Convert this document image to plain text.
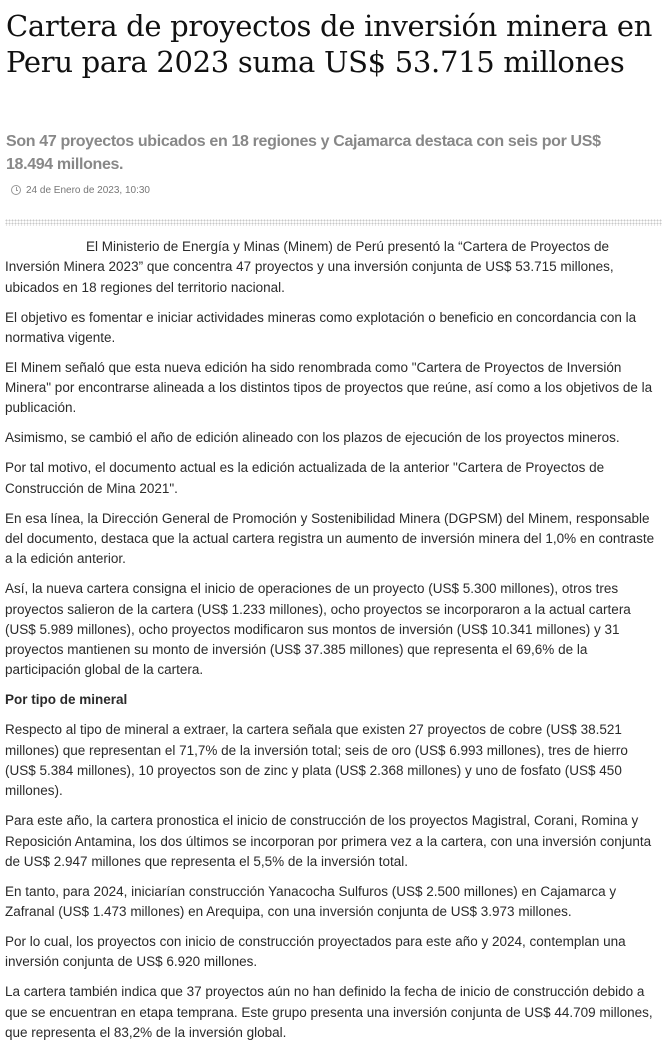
Cartera de proyectos de inversión minera en Peru para 2023 suma US$ 53.715 millones
Son 47 proyectos ubicados en 18 regiones y Cajamarca destaca con seis por US$ 18.494 millones.
24 de Enero de 2023, 10:30

El Ministerio de Energía y Minas (Minem) de Perú presentó la “Cartera de Proyectos de Inversión Minera 2023” que concentra 47 proyectos y una inversión conjunta de US$ 53.715 millones, ubicados en 18 regiones del territorio nacional.

El objetivo es fomentar e iniciar actividades mineras como explotación o beneficio en concordancia con la normativa vigente.

El Minem señaló que esta nueva edición ha sido renombrada como "Cartera de Proyectos de Inversión Minera" por encontrarse alineada a los distintos tipos de proyectos que reúne, así como a los objetivos de la publicación.

Asimismo, se cambió el año de edición alineado con los plazos de ejecución de los proyectos mineros.

Por tal motivo, el documento actual es la edición actualizada de la anterior "Cartera de Proyectos de Construcción de Mina 2021".

En esa línea, la Dirección General de Promoción y Sostenibilidad Minera (DGPSM) del Minem, responsable del documento, destaca que la actual cartera registra un aumento de inversión minera del 1,0% en contraste a la edición anterior.

Así, la nueva cartera consigna el inicio de operaciones de un proyecto (US$ 5.300 millones), otros tres proyectos salieron de la cartera (US$ 1.233 millones), ocho proyectos se incorporaron a la actual cartera (US$ 5.989 millones), ocho proyectos modificaron sus montos de inversión (US$ 10.341 millones) y 31 proyectos mantienen su monto de inversión (US$ 37.385 millones) que representa el 69,6% de la participación global de la cartera.

Por tipo de mineral

Respecto al tipo de mineral a extraer, la cartera señala que existen 27 proyectos de cobre (US$ 38.521 millones) que representan el 71,7% de la inversión total; seis de oro (US$ 6.993 millones), tres de hierro (US$ 5.384 millones), 10 proyectos son de zinc y plata (US$ 2.368 millones) y uno de fosfato (US$ 450 millones).

Para este año, la cartera pronostica el inicio de construcción de los proyectos Magistral, Corani, Romina y Reposición Antamina, los dos últimos se incorporan por primera vez a la cartera, con una inversión conjunta de US$ 2.947 millones que representa el 5,5% de la inversión total.

En tanto, para 2024, iniciarían construcción Yanacocha Sulfuros (US$ 2.500 millones) en Cajamarca y Zafranal (US$ 1.473 millones) en Arequipa, con una inversión conjunta de US$ 3.973 millones.

Por lo cual, los proyectos con inicio de construcción proyectados para este año y 2024, contemplan una inversión conjunta de US$ 6.920 millones.

La cartera también indica que 37 proyectos aún no han definido la fecha de inicio de construcción debido a que se encuentran en etapa temprana. Este grupo presenta una inversión conjunta de US$ 44.709 millones, que representa el 83,2% de la inversión global.
